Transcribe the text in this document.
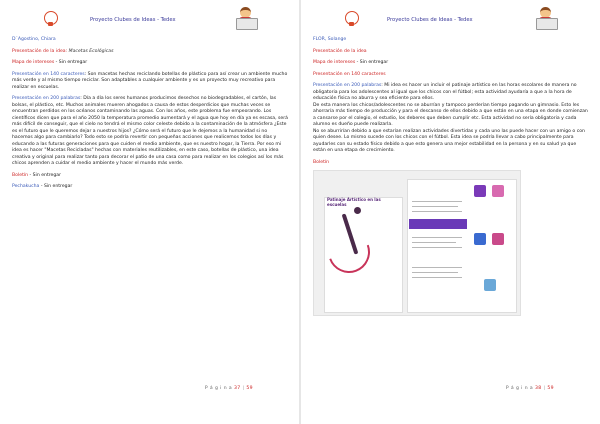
Proyecto Clubes de Ideas - Tedex

D´Agostino, Chiara

Presentación de la idea: Macetas Ecológicas

Mapa de intereses - Sin entregar

Presentación en 140 caracteres: Son macetas hechas reciclando botellas de plástico para así crear un ambiente mucho más verde y al mismo tiempo reciclar. Son adaptables a cualquier ambiente y es un proyecto muy recreativo para realizar en escuelas.

Presentación en 200 palabras: Día a día los seres humanos producimos desechos no biodegradables, el cartón, las bolsas, el plástico, etc. Muchos animales mueren ahogados a causa de estos desperdicios que muchas veces se encuentran perdidos en los océanos contaminando las aguas. Con los años, este problema fue empeorando. Los científicos dicen que para el año 2050 la temperatura promedio aumentará y el agua que hoy en día ya es escasa, será más difícil de conseguir, que el cielo no tendrá el mismo color celeste debido a la contaminación de la atmósfera ¿Este es el futuro que le queremos dejar a nuestros hijos? ¿Cómo será el futuro que le dejemos a la humanidad si no hacemos algo para cambiarlo? Todo esto se podría revertir con pequeñas acciones que realicemos todos los días y educando a las futuras generaciones para que cuiden el medio ambiente, que es nuestro hogar, la Tierra. Por eso mi idea es hacer "Macetas Recicladas" hechas con materiales reutilizables, en este caso, botellas de plástico, una idea creativa y original para realizar tanto para decorar el patio de una casa como para realizar en los colegios así los más chicos aprenden a cuidar el medio ambiente y hacer el mundo más verde.

Boletín - Sin entregar

Pechakucha - Sin entregar

P á g i n a 37 | 59
Proyecto Clubes de Ideas - Tedex

FLOR, Solange

Presentación de la idea

Mapa de intereses - Sin entregar

Presentación en 140 caracteres

Presentación en 200 palabras: Mi idea es hacer un incluir el patinaje artístico en las horas escolares de manera no obligatoria para los adolescentes al igual que los chicos con el fútbol; esta actividad ayudaría a que a la hora de educación física no aburra y sea eficiente para ellos.

De esta manera los chicos/adolescentes no se aburrían y tampoco perderían tiempo pagando un gimnasio. Esto les ahorraría más tiempo de producción y para el descanso de ellos debido a que están en una etapa en donde comienzan a cansarse por el colegio, el estudio, los deberes que deben cumplir etc. Esta actividad no sería obligatoria y cada alumno es dueño puede realizarla.

No se aburrirían debido a que estarían realizan actividades divertidas y cada uno las puede hacer con un amigo o con quien desee. Lo mismo sucede con los chicos con el fútbol. Esta idea se podría llevar a cabo principalmente para ayudarles con su estado físico debido a que esto genera una mejor estabilidad en la persona y en su salud ya que están en una etapa de crecimiento.

Boletín

Patinaje Artístico en las escuelas
P á g i n a 38 | 59
